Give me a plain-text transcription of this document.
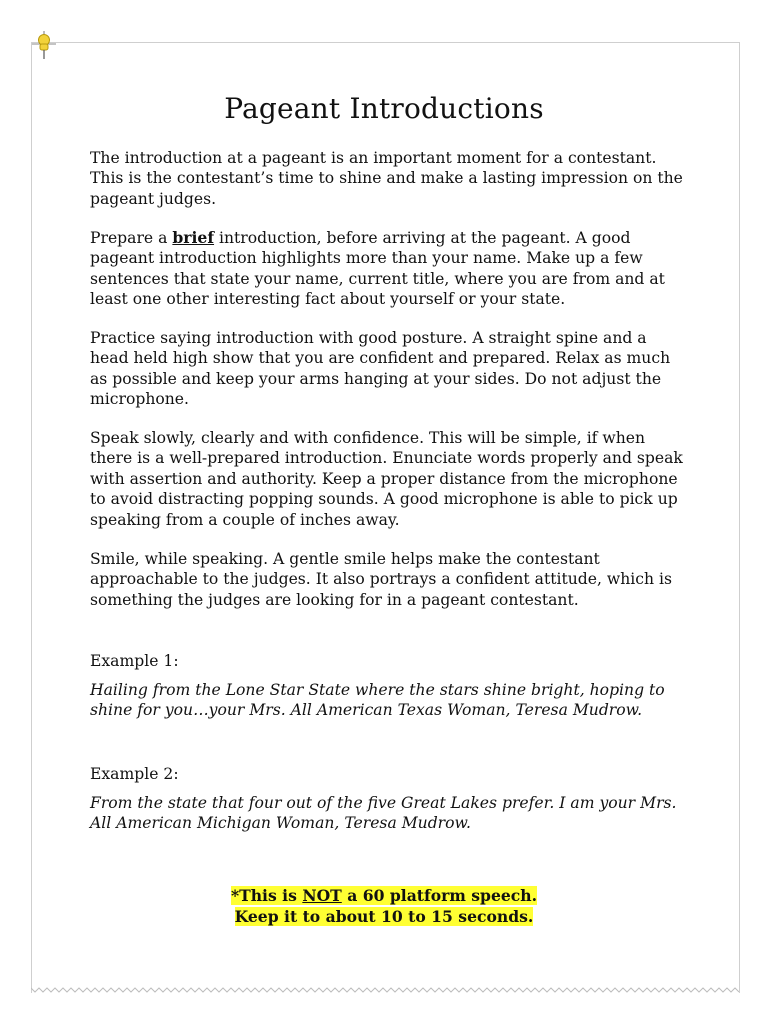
Pageant Introductions
The introduction at a pageant is an important moment for a contestant. This is the contestant’s time to shine and make a lasting impression on the pageant judges.
Prepare a brief introduction, before arriving at the pageant. A good pageant introduction highlights more than your name. Make up a few sentences that state your name, current title, where you are from and at least one other interesting fact about yourself or your state.
Practice saying introduction with good posture. A straight spine and a head held high show that you are confident and prepared. Relax as much as possible and keep your arms hanging at your sides. Do not adjust the microphone.
Speak slowly, clearly and with confidence. This will be simple, if when there is a well-prepared introduction. Enunciate words properly and speak with assertion and authority. Keep a proper distance from the microphone to avoid distracting popping sounds. A good microphone is able to pick up speaking from a couple of inches away.
Smile, while speaking. A gentle smile helps make the contestant approachable to the judges. It also portrays a confident attitude, which is something the judges are looking for in a pageant contestant.
Example 1:
Hailing from the Lone Star State where the stars shine bright, hoping to shine for you…your Mrs. All American Texas Woman, Teresa Mudrow.
Example 2:
From the state that four out of the five Great Lakes prefer. I am your Mrs. All American Michigan Woman, Teresa Mudrow.
*This is NOT a 60 platform speech.
Keep it to about 10 to 15 seconds.
